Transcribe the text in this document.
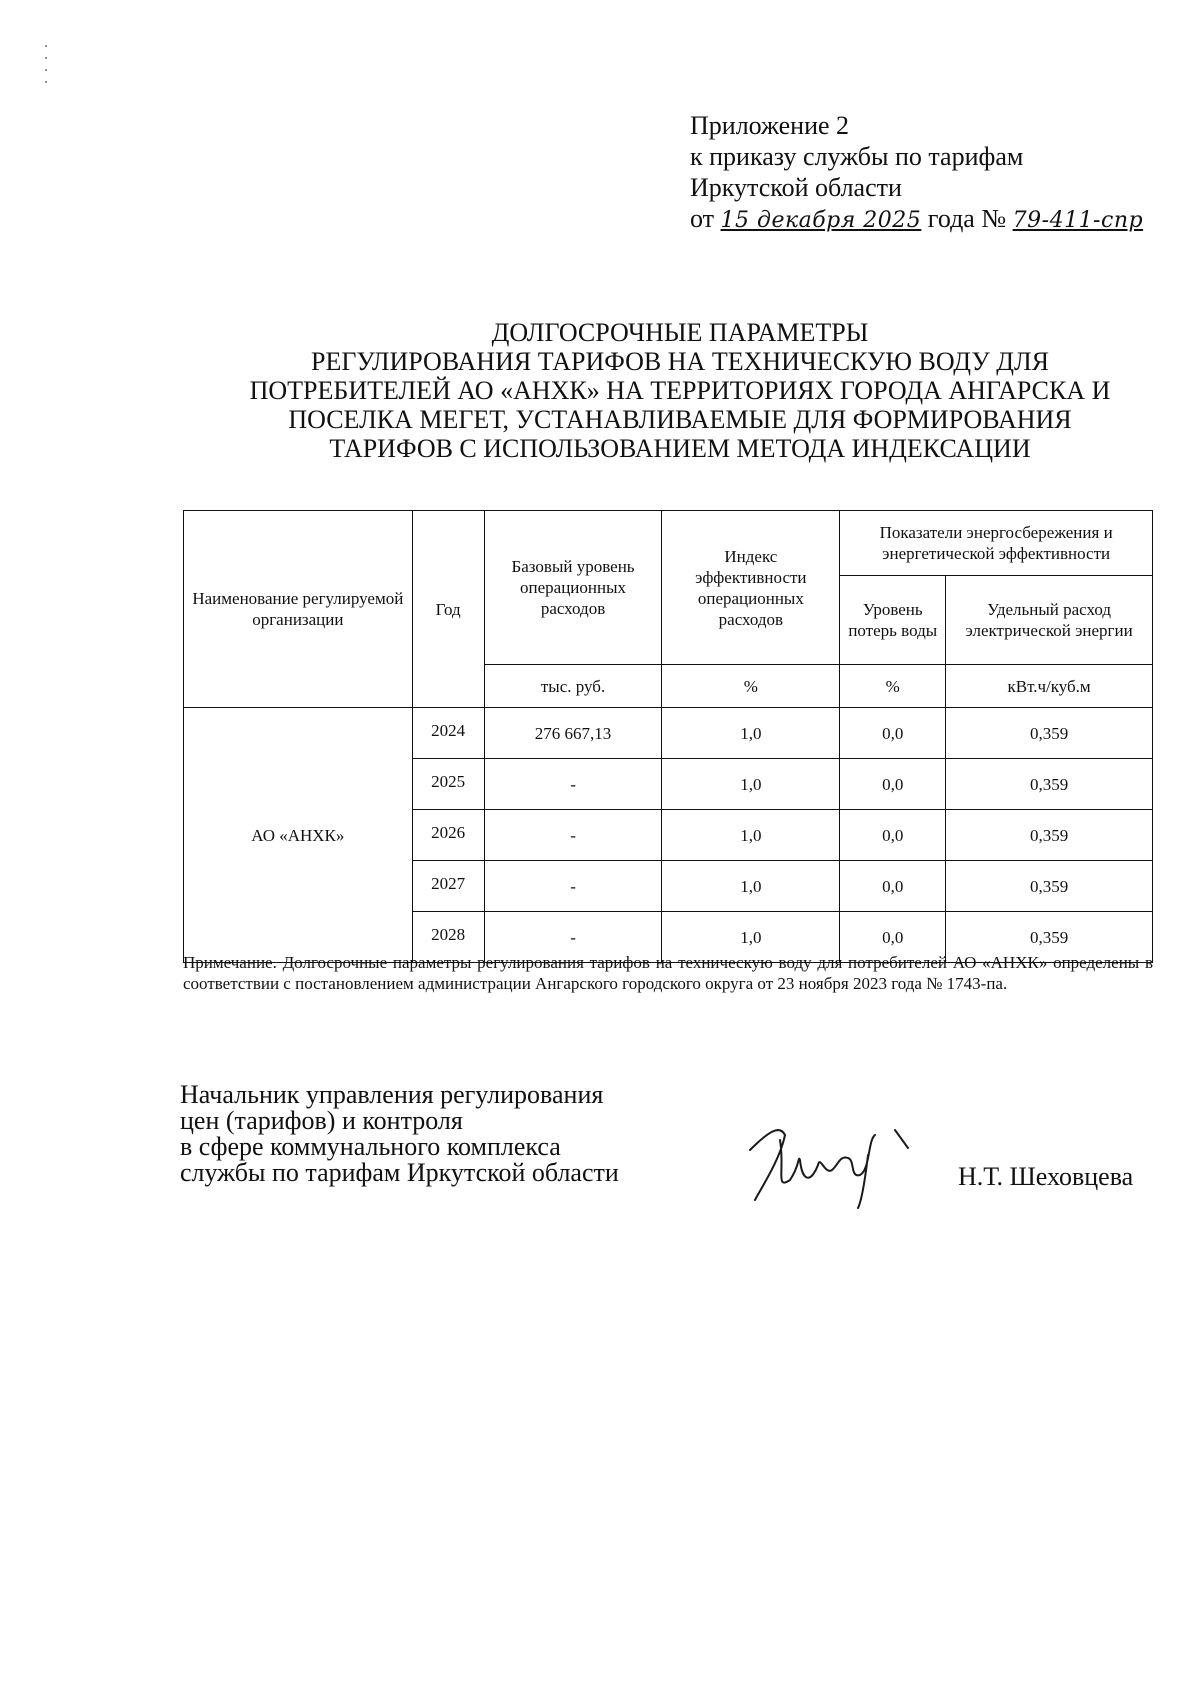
Приложение 2
к приказу службы по тарифам
Иркутской области
от 15 декабря 2025 года № 79-411-спр
ДОЛГОСРОЧНЫЕ ПАРАМЕТРЫ
РЕГУЛИРОВАНИЯ ТАРИФОВ НА ТЕХНИЧЕСКУЮ ВОДУ ДЛЯ
ПОТРЕБИТЕЛЕЙ АО «АНХК» НА ТЕРРИТОРИЯХ ГОРОДА АНГАРСКА И
ПОСЕЛКА МЕГЕТ, УСТАНАВЛИВАЕМЫЕ ДЛЯ ФОРМИРОВАНИЯ
ТАРИФОВ С ИСПОЛЬЗОВАНИЕМ МЕТОДА ИНДЕКСАЦИИ
Наименование регулируемой организации	Год	Базовый уровень операционных расходов	Индекс эффективности операционных расходов	Показатели энергосбережения и энергетической эффективности	
				Уровень потерь воды	Удельный расход электрической энергии
		тыс. руб.	%	%	кВт.ч/куб.м
АО «АНХК»	2024	276 667,13	1,0	0,0	0,359
	2025	-	1,0	0,0	0,359
	2026	-	1,0	0,0	0,359
	2027	-	1,0	0,0	0,359
	2028	-	1,0	0,0	0,359
Примечание. Долгосрочные параметры регулирования тарифов на техническую воду для потребителей АО «АНХК» определены в соответствии с постановлением администрации Ангарского городского округа от 23 ноября 2023 года № 1743-па.
Начальник управления регулирования
цен (тарифов) и контроля
в сфере коммунального комплекса
службы по тарифам Иркутской области	Н.Т. Шеховцева
